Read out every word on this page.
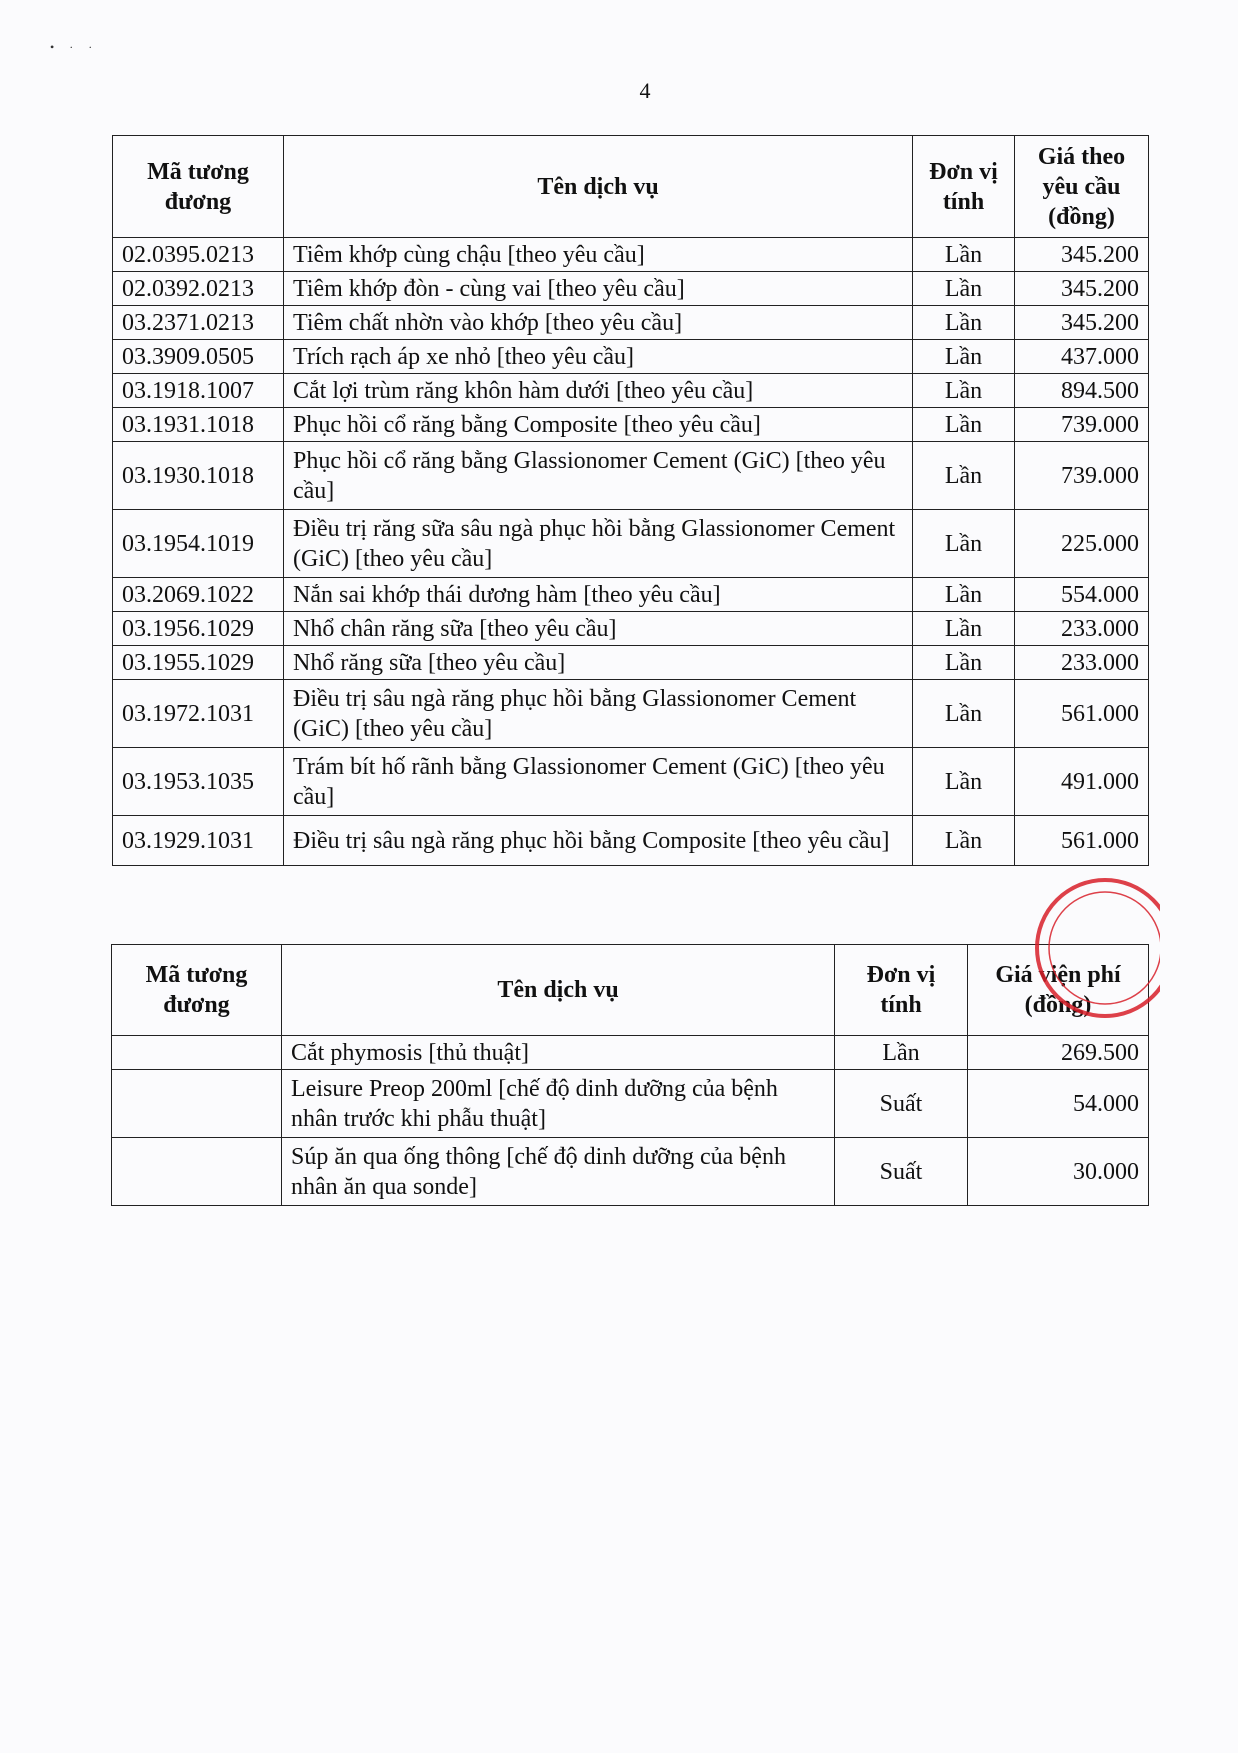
• · ·
4
Mã tương đương	Tên dịch vụ	Đơn vị tính	Giá theo yêu cầu (đồng)
02.0395.0213	Tiêm khớp cùng chậu [theo yêu cầu]	Lần	345.200
02.0392.0213	Tiêm khớp đòn - cùng vai [theo yêu cầu]	Lần	345.200
03.2371.0213	Tiêm chất nhờn vào khớp [theo yêu cầu]	Lần	345.200
03.3909.0505	Trích rạch áp xe nhỏ [theo yêu cầu]	Lần	437.000
03.1918.1007	Cắt lợi trùm răng khôn hàm dưới [theo yêu cầu]	Lần	894.500
03.1931.1018	Phục hồi cổ răng bằng Composite [theo yêu cầu]	Lần	739.000
03.1930.1018	Phục hồi cổ răng bằng Glassionomer Cement (GiC) [theo yêu cầu]	Lần	739.000
03.1954.1019	Điều trị răng sữa sâu ngà phục hồi bằng Glassionomer Cement (GiC) [theo yêu cầu]	Lần	225.000
03.2069.1022	Nắn sai khớp thái dương hàm [theo yêu cầu]	Lần	554.000
03.1956.1029	Nhổ chân răng sữa [theo yêu cầu]	Lần	233.000
03.1955.1029	Nhổ răng sữa [theo yêu cầu]	Lần	233.000
03.1972.1031	Điều trị sâu ngà răng phục hồi bằng Glassionomer Cement (GiC) [theo yêu cầu]	Lần	561.000
03.1953.1035	Trám bít hố rãnh bằng Glassionomer Cement (GiC) [theo yêu cầu]	Lần	491.000
03.1929.1031	Điều trị sâu ngà răng phục hồi bằng Composite [theo yêu cầu]	Lần	561.000
Mã tương đương	Tên dịch vụ	Đơn vị tính	Giá viện phí (đồng)
	Cắt phymosis [thủ thuật]	Lần	269.500
	Leisure Preop 200ml [chế độ dinh dưỡng của bệnh nhân trước khi phẫu thuật]	Suất	54.000
	Súp ăn qua ống thông [chế độ dinh dưỡng của bệnh nhân ăn qua sonde]	Suất	30.000
